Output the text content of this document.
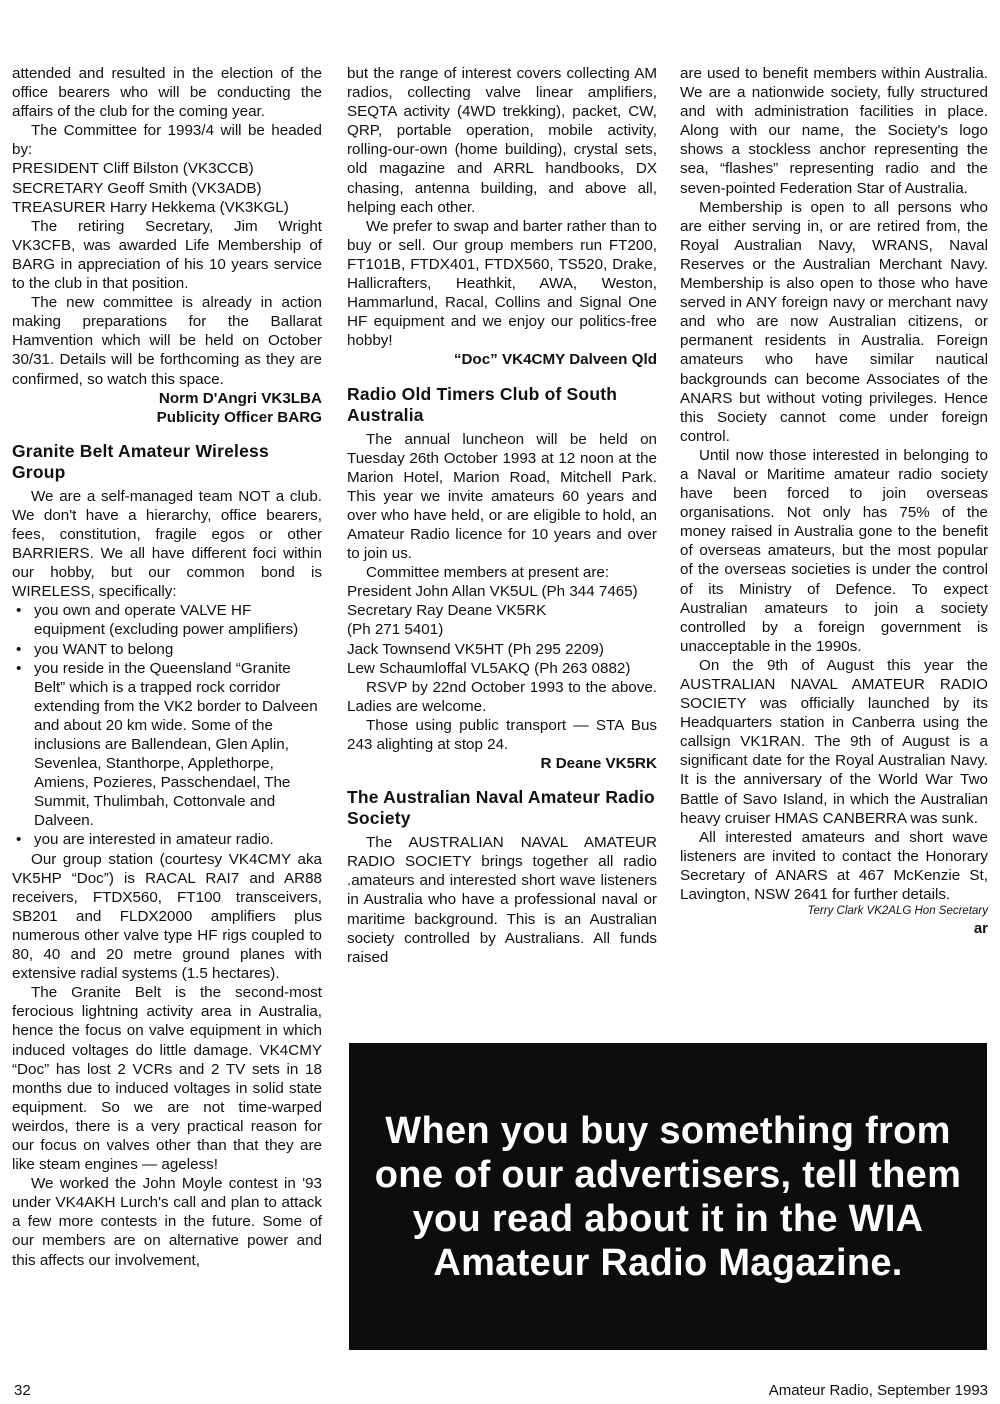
attended and resulted in the election of the office bearers who will be conducting the affairs of the club for the coming year.

The Committee for 1993/4 will be headed by:

PRESIDENT Cliff Bilston (VK3CCB)

SECRETARY Geoff Smith (VK3ADB)

TREASURER Harry Hekkema (VK3KGL)

The retiring Secretary, Jim Wright VK3CFB, was awarded Life Membership of BARG in appreciation of his 10 years service to the club in that position.

The new committee is already in action making preparations for the Ballarat Hamvention which will be held on October 30/31. Details will be forthcoming as they are confirmed, so watch this space.

Norm D'Angri VK3LBA

Publicity Officer BARG

Granite Belt Amateur Wireless Group

We are a self-managed team NOT a club. We don't have a hierarchy, office bearers, fees, constitution, fragile egos or other BARRIERS. We all have different foci within our hobby, but our common bond is WIRELESS, specifically:

• you own and operate VALVE HF equipment (excluding power amplifiers)
• you WANT to belong
• you reside in the Queensland “Granite Belt” which is a trapped rock corridor extending from the VK2 border to Dalveen and about 20 km wide. Some of the inclusions are Ballendean, Glen Aplin, Sevenlea, Stanthorpe, Applethorpe, Amiens, Pozieres, Passchendael, The Summit, Thulimbah, Cottonvale and Dalveen.
• you are interested in amateur radio.

Our group station (courtesy VK4CMY aka VK5HP “Doc”) is RACAL RAI7 and AR88 receivers, FTDX560, FT100 transceivers, SB201 and FLDX2000 amplifiers plus numerous other valve type HF rigs coupled to 80, 40 and 20 metre ground planes with extensive radial systems (1.5 hectares).

The Granite Belt is the second-most ferocious lightning activity area in Australia, hence the focus on valve equipment in which induced voltages do little damage. VK4CMY “Doc” has lost 2 VCRs and 2 TV sets in 18 months due to induced voltages in solid state equipment. So we are not time-warped weirdos, there is a very practical reason for our focus on valves other than that they are like steam engines — ageless!

We worked the John Moyle contest in '93 under VK4AKH Lurch's call and plan to attack a few more contests in the future. Some of our members are on alternative power and this affects our involvement,

but the range of interest covers collecting AM radios, collecting valve linear amplifiers, SEQTA activity (4WD trekking), packet, CW, QRP, portable operation, mobile activity, rolling-our-own (home building), crystal sets, old magazine and ARRL handbooks, DX chasing, antenna building, and above all, helping each other.

We prefer to swap and barter rather than to buy or sell. Our group members run FT200, FT101B, FTDX401, FTDX560, TS520, Drake, Hallicrafters, Heathkit, AWA, Weston, Hammarlund, Racal, Collins and Signal One HF equipment and we enjoy our politics-free hobby!

“Doc” VK4CMY Dalveen Qld

Radio Old Timers Club of South Australia

The annual luncheon will be held on Tuesday 26th October 1993 at 12 noon at the Marion Hotel, Marion Road, Mitchell Park. This year we invite amateurs 60 years and over who have held, or are eligible to hold, an Amateur Radio licence for 10 years and over to join us.

Committee members at present are:

President John Allan VK5UL (Ph 344 7465)

Secretary Ray Deane VK5RK

(Ph 271 5401)

Jack Townsend VK5HT (Ph 295 2209)

Lew Schaumloffal VL5AKQ (Ph 263 0882)

RSVP by 22nd October 1993 to the above. Ladies are welcome.

Those using public transport — STA Bus 243 alighting at stop 24.

R Deane VK5RK

The Australian Naval Amateur Radio Society

The AUSTRALIAN NAVAL AMATEUR RADIO SOCIETY brings together all radio .amateurs and interested short wave listeners in Australia who have a professional naval or maritime background. This is an Australian society controlled by Australians. All funds raised

are used to benefit members within Australia. We are a nationwide society, fully structured and with administration facilities in place. Along with our name, the Society's logo shows a stockless anchor representing the sea, “flashes” representing radio and the seven-pointed Federation Star of Australia.

Membership is open to all persons who are either serving in, or are retired from, the Royal Australian Navy, WRANS, Naval Reserves or the Australian Merchant Navy. Membership is also open to those who have served in ANY foreign navy or merchant navy and who are now Australian citizens, or permanent residents in Australia. Foreign amateurs who have similar nautical backgrounds can become Associates of the ANARS but without voting privileges. Hence this Society cannot come under foreign control.

Until now those interested in belonging to a Naval or Maritime amateur radio society have been forced to join overseas organisations. Not only has 75% of the money raised in Australia gone to the benefit of overseas amateurs, but the most popular of the overseas societies is under the control of its Ministry of Defence. To expect Australian amateurs to join a society controlled by a foreign government is unacceptable in the 1990s.

On the 9th of August this year the AUSTRALIAN NAVAL AMATEUR RADIO SOCIETY was officially launched by its Headquarters station in Canberra using the callsign VK1RAN. The 9th of August is a significant date for the Royal Australian Navy. It is the anniversary of the World War Two Battle of Savo Island, in which the Australian heavy cruiser HMAS CANBERRA was sunk.

All interested amateurs and short wave listeners are invited to contact the Honorary Secretary of ANARS at 467 McKenzie St, Lavington, NSW 2641 for further details.

Terry Clark VK2ALG Hon Secretary

ar

When you buy something from one of our advertisers, tell them you read about it in the WIA Amateur Radio Magazine.

32	Amateur Radio, September 1993
